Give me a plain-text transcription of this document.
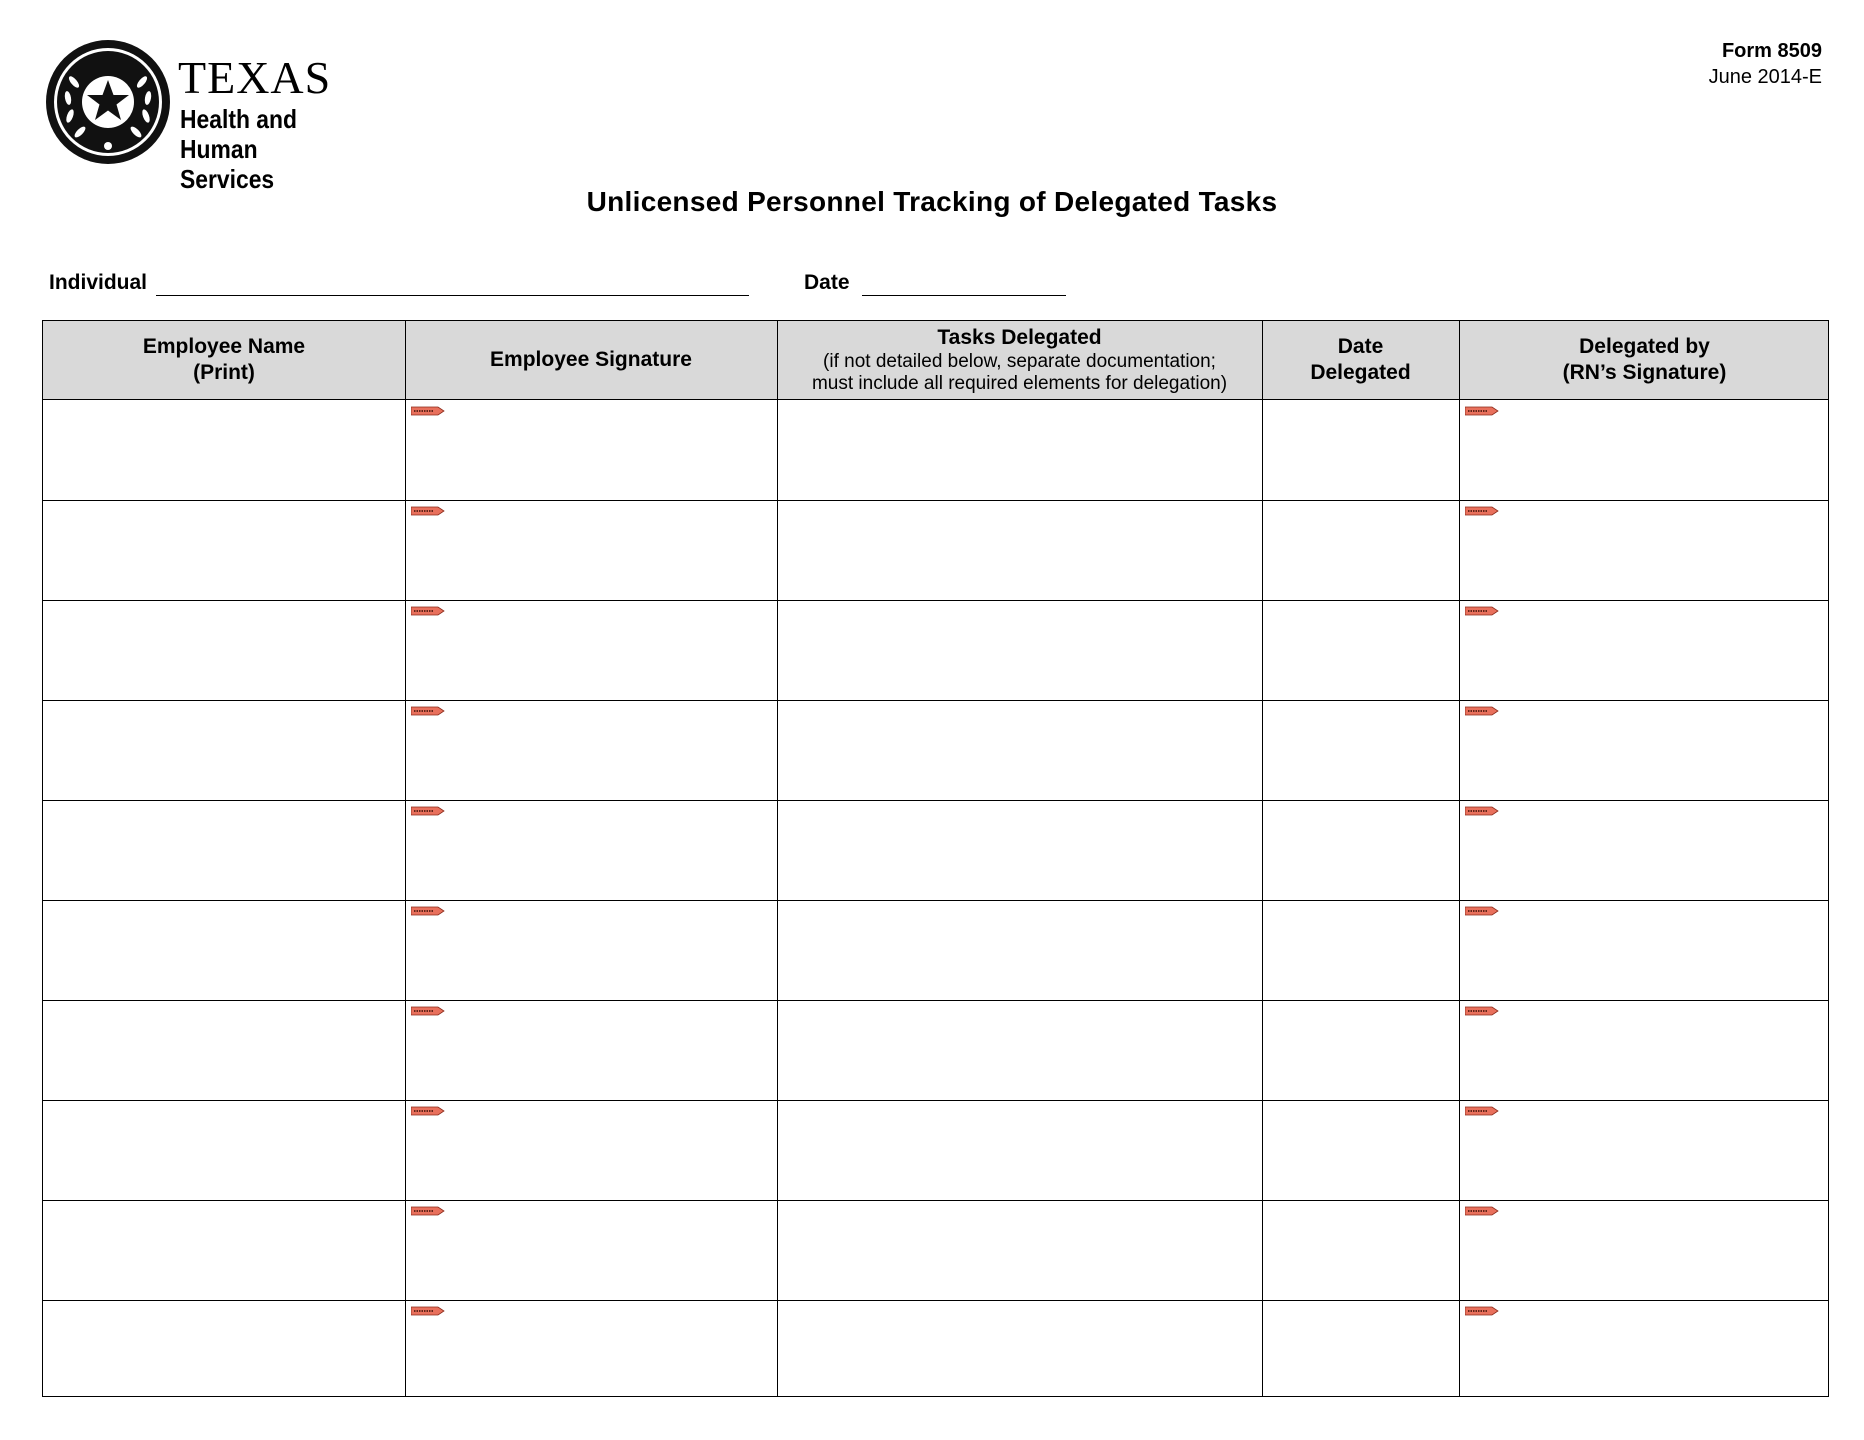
TEXAS
Health and Human
Services
Form 8509
June 2014-E
Unlicensed Personnel Tracking of Delegated Tasks
Individual	Date
Employee Name
(Print)
Employee Signature
Tasks Delegated
(if not detailed below, separate documentation;
must include all required elements for delegation)
Date
Delegated
Delegated by
(RN’s Signature)
